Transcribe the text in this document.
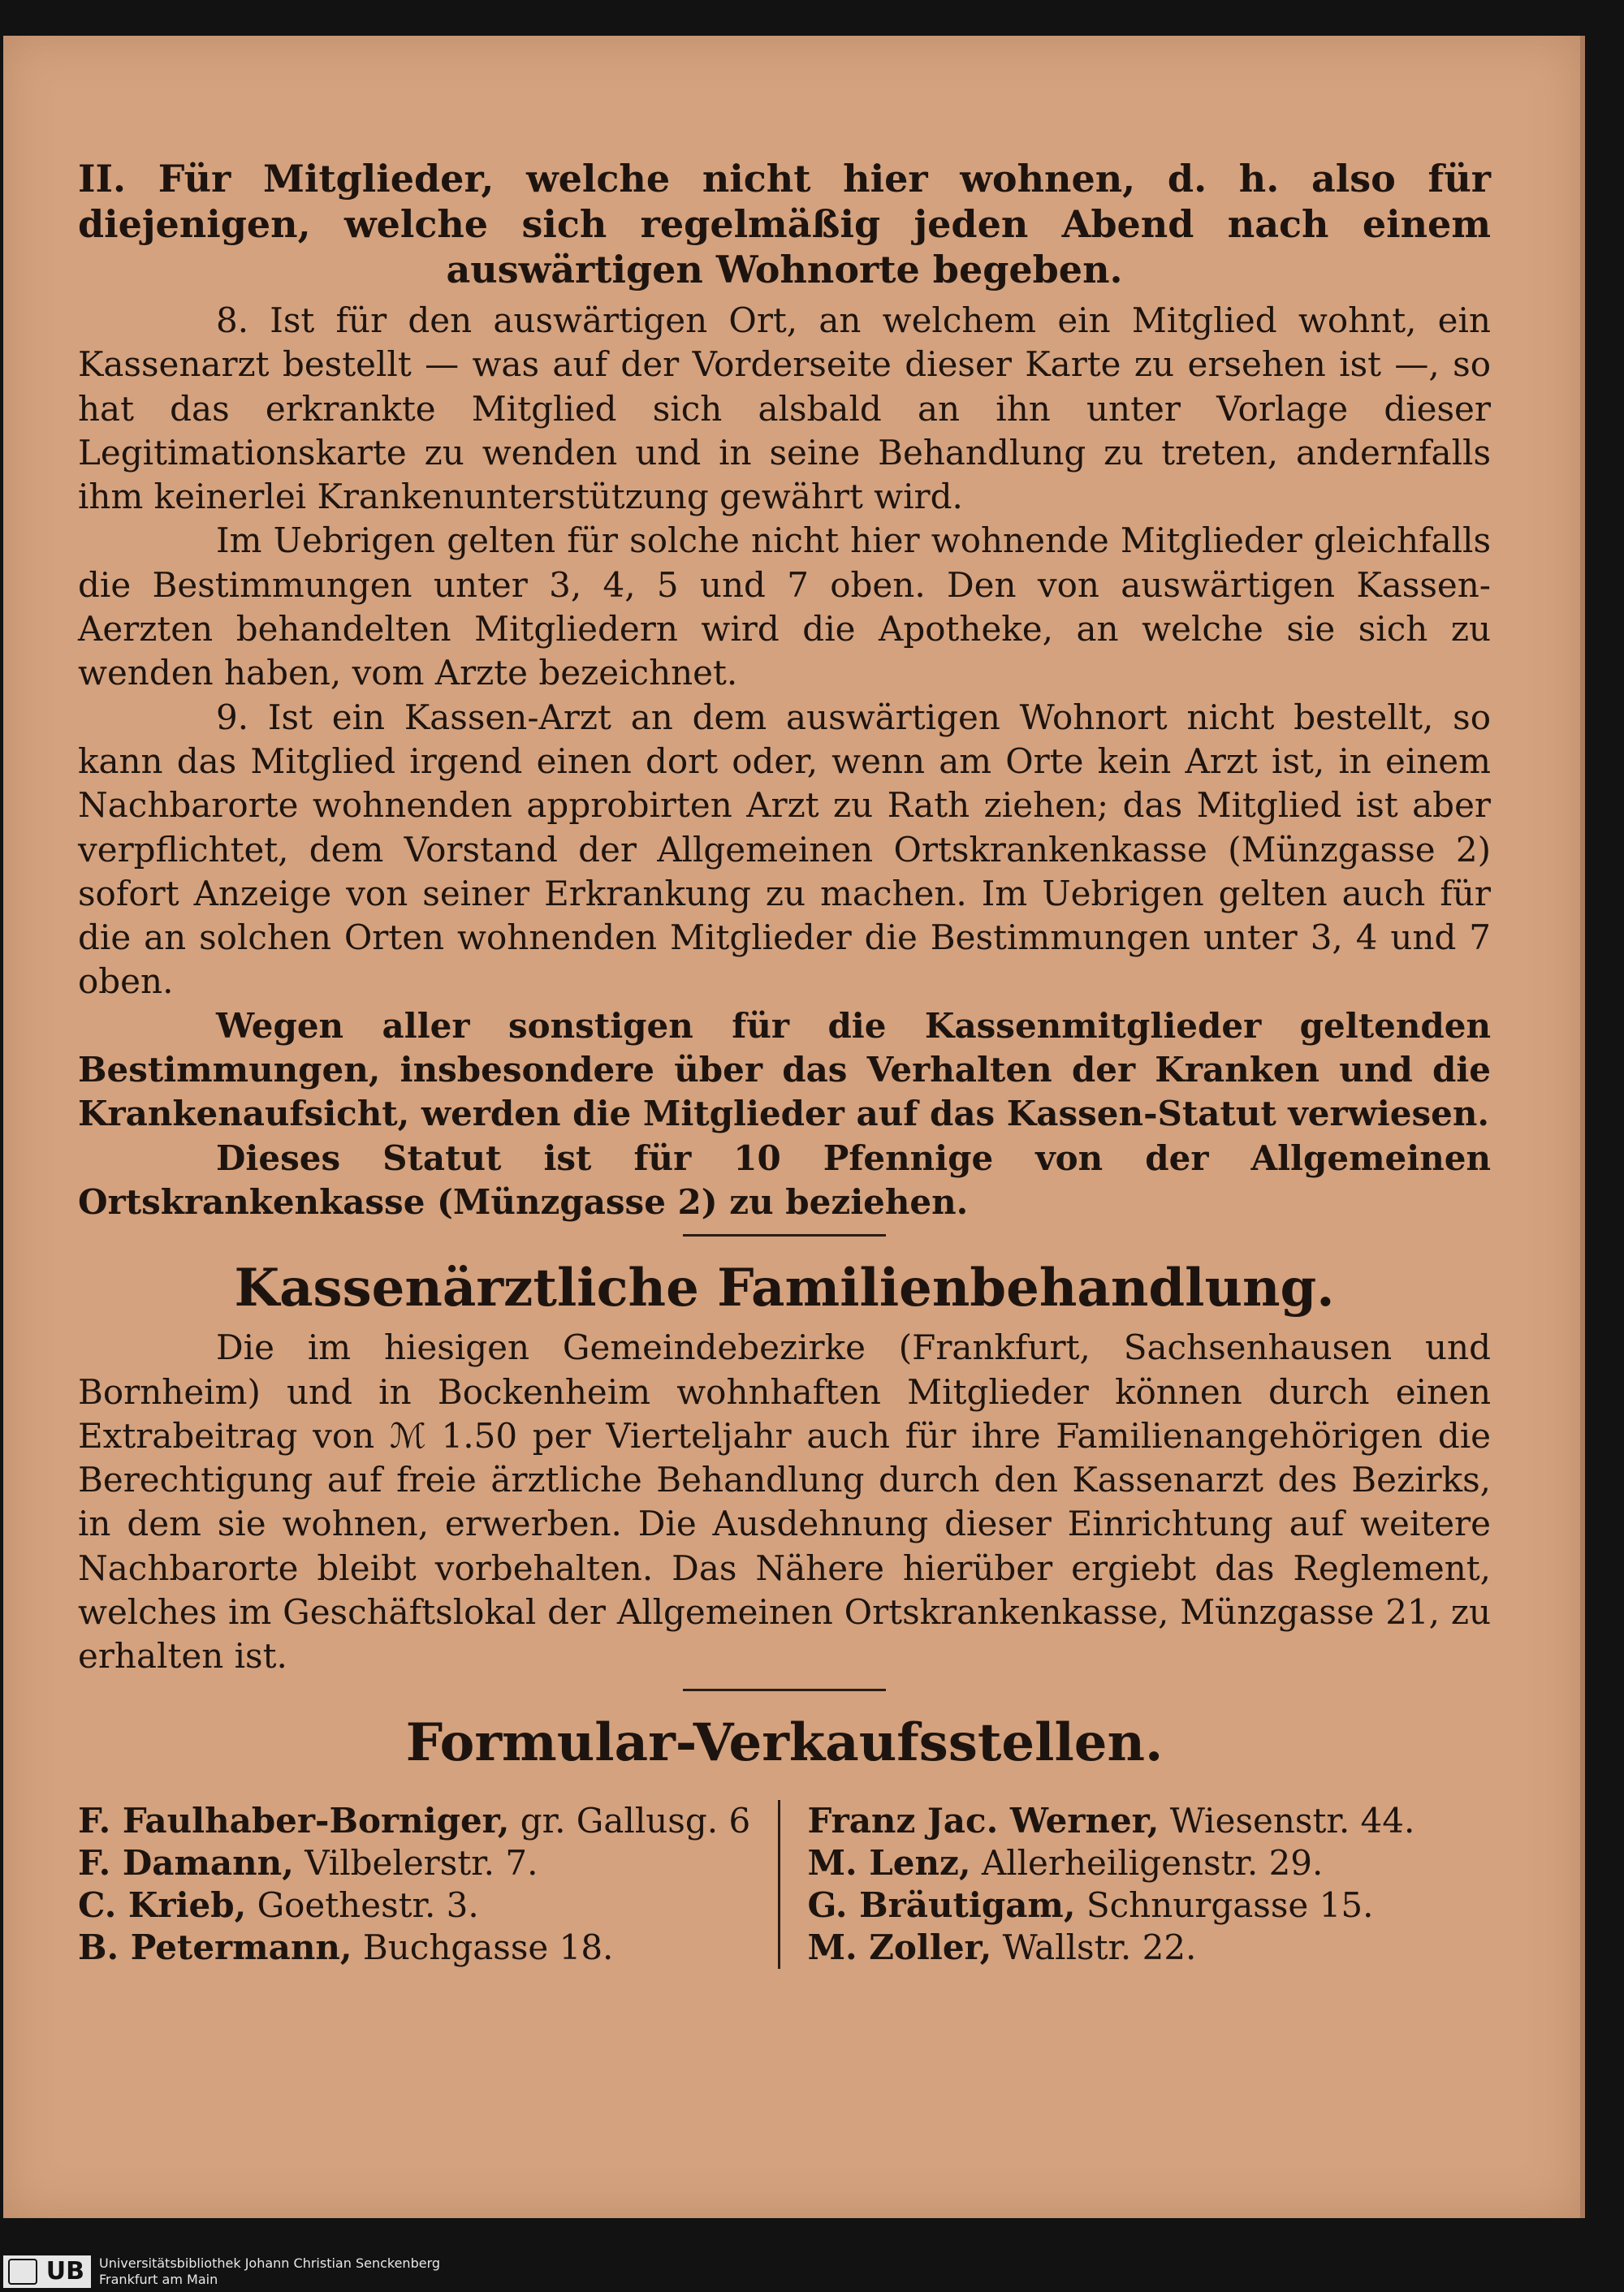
II. Für Mitglieder, welche nicht hier wohnen, d. h. also für diejenigen, welche sich regelmäßig jeden Abend nach einem auswärtigen Wohnorte begeben.

8. Ist für den auswärtigen Ort, an welchem ein Mitglied wohnt, ein Kassenarzt bestellt — was auf der Vorderseite dieser Karte zu ersehen ist —, so hat das erkrankte Mitglied sich alsbald an ihn unter Vorlage dieser Legitimationskarte zu wenden und in seine Behandlung zu treten, andernfalls ihm keinerlei Krankenunterstützung gewährt wird.

Im Uebrigen gelten für solche nicht hier wohnende Mitglieder gleichfalls die Bestimmungen unter 3, 4, 5 und 7 oben. Den von auswärtigen Kassen-Aerzten behandelten Mitgliedern wird die Apotheke, an welche sie sich zu wenden haben, vom Arzte bezeichnet.

9. Ist ein Kassen-Arzt an dem auswärtigen Wohnort nicht bestellt, so kann das Mitglied irgend einen dort oder, wenn am Orte kein Arzt ist, in einem Nachbarorte wohnenden approbirten Arzt zu Rath ziehen; das Mitglied ist aber verpflichtet, dem Vorstand der Allgemeinen Ortskrankenkasse (Münzgasse 2) sofort Anzeige von seiner Erkrankung zu machen. Im Uebrigen gelten auch für die an solchen Orten wohnenden Mitglieder die Bestimmungen unter 3, 4 und 7 oben.

Wegen aller sonstigen für die Kassenmitglieder geltenden Bestimmungen, insbesondere über das Verhalten der Kranken und die Krankenaufsicht, werden die Mitglieder auf das Kassen-Statut verwiesen.

Dieses Statut ist für 10 Pfennige von der Allgemeinen Ortskrankenkasse (Münzgasse 2) zu beziehen.

Kassenärztliche Familienbehandlung.

Die im hiesigen Gemeindebezirke (Frankfurt, Sachsenhausen und Bornheim) und in Bockenheim wohnhaften Mitglieder können durch einen Extrabeitrag von ℳ 1.50 per Vierteljahr auch für ihre Familienangehörigen die Berechtigung auf freie ärztliche Behandlung durch den Kassenarzt des Bezirks, in dem sie wohnen, erwerben. Die Ausdehnung dieser Einrichtung auf weitere Nachbarorte bleibt vorbehalten. Das Nähere hierüber ergiebt das Reglement, welches im Geschäftslokal der Allgemeinen Ortskrankenkasse, Münzgasse 21, zu erhalten ist.

Formular-Verkaufsstellen.
F. Faulhaber-Borniger, gr. Gallusg. 6
F. Damann, Vilbelerstr. 7.
C. Krieb, Goethestr. 3.
B. Petermann, Buchgasse 18.
Franz Jac. Werner, Wiesenstr. 44.
M. Lenz, Allerheiligenstr. 29.
G. Bräutigam, Schnurgasse 15.
M. Zoller, Wallstr. 22.
UB	Universitätsbibliothek Johann Christian Senckenberg
Frankfurt am Main
